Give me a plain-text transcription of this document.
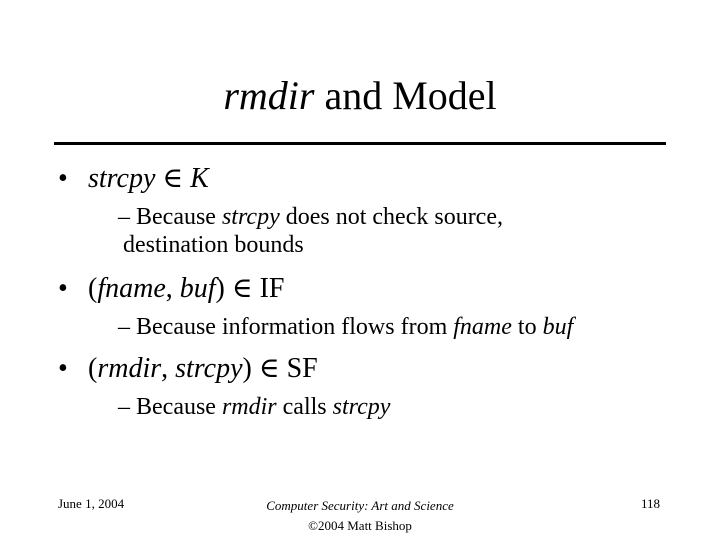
rmdir and Model
• strcpy ∈ K
– Because strcpy does not check source,
destination bounds
• (fname, buf) ∈ IF
– Because information flows from fname to buf
• (rmdir, strcpy) ∈ SF
– Because rmdir calls strcpy
June 1, 2004	Computer Security: Art and Science
©2004 Matt Bishop
118
